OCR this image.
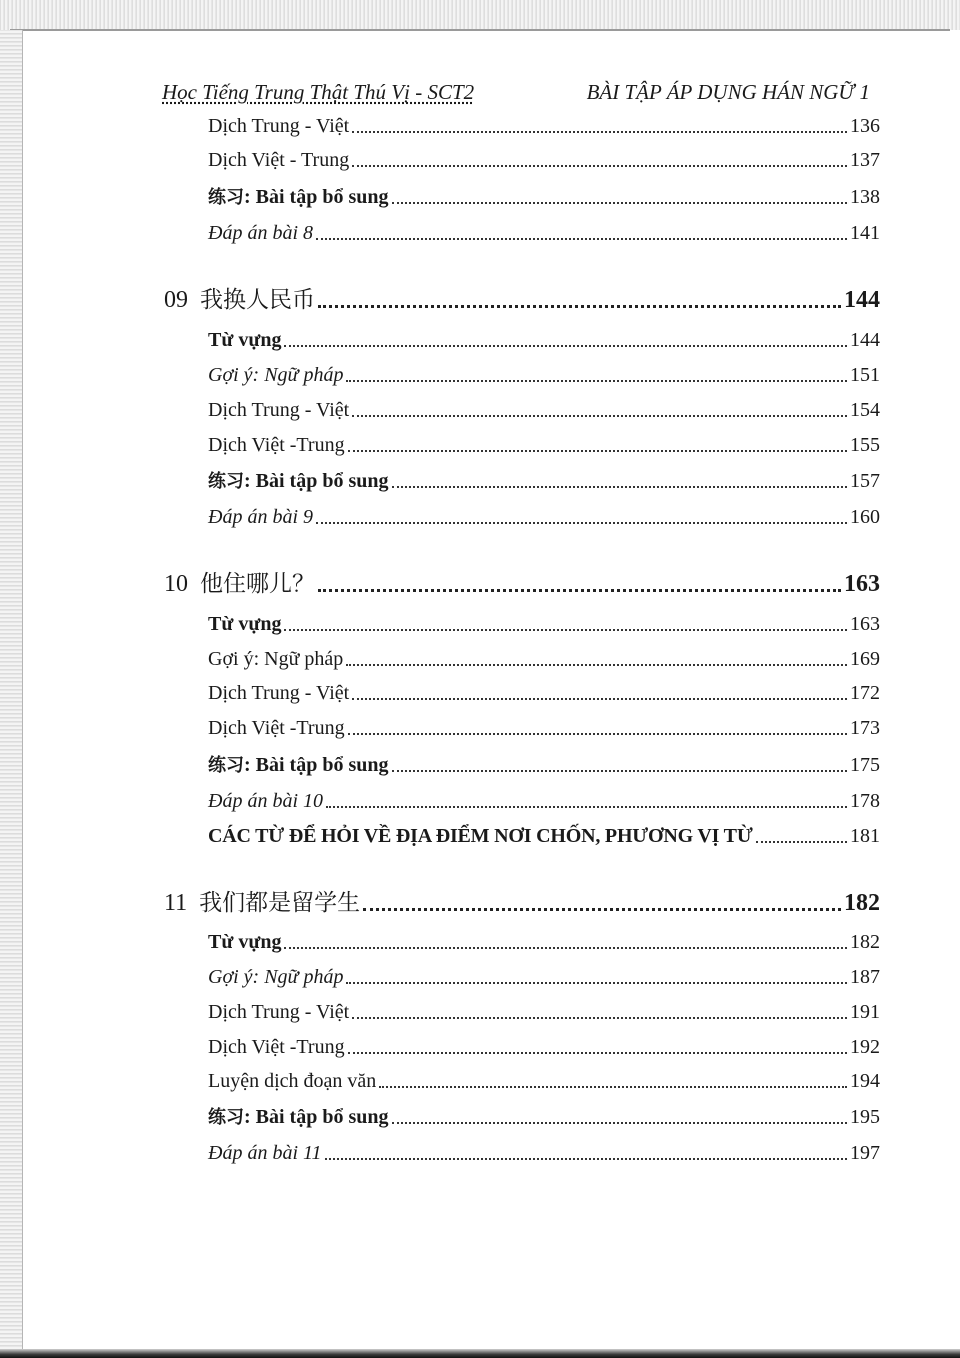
Học Tiếng Trung Thật Thú Vị - SCT2	BÀI TẬP ÁP DỤNG HÁN NGỮ 1
Dịch Trung - Việt	136
Dịch Việt - Trung	137
练习: Bài tập bổ sung	138
Đáp án bài 8	141
09 我换人民币	144
Từ vựng	144
Gợi ý: Ngữ pháp	151
Dịch Trung - Việt	154
Dịch Việt -Trung	155
练习: Bài tập bổ sung	157
Đáp án bài 9	160
10 他住哪儿？	163
Từ vựng	163
Gợi ý: Ngữ pháp	169
Dịch Trung - Việt	172
Dịch Việt -Trung	173
练习: Bài tập bổ sung	175
Đáp án bài 10	178
CÁC TỪ ĐỂ HỎI VỀ ĐỊA ĐIỂM NƠI CHỐN, PHƯƠNG VỊ TỪ	181
11 我们都是留学生	182
Từ vựng	182
Gợi ý: Ngữ pháp	187
Dịch Trung - Việt	191
Dịch Việt -Trung	192
Luyện dịch đoạn văn	194
练习: Bài tập bổ sung	195
Đáp án bài 11	197
